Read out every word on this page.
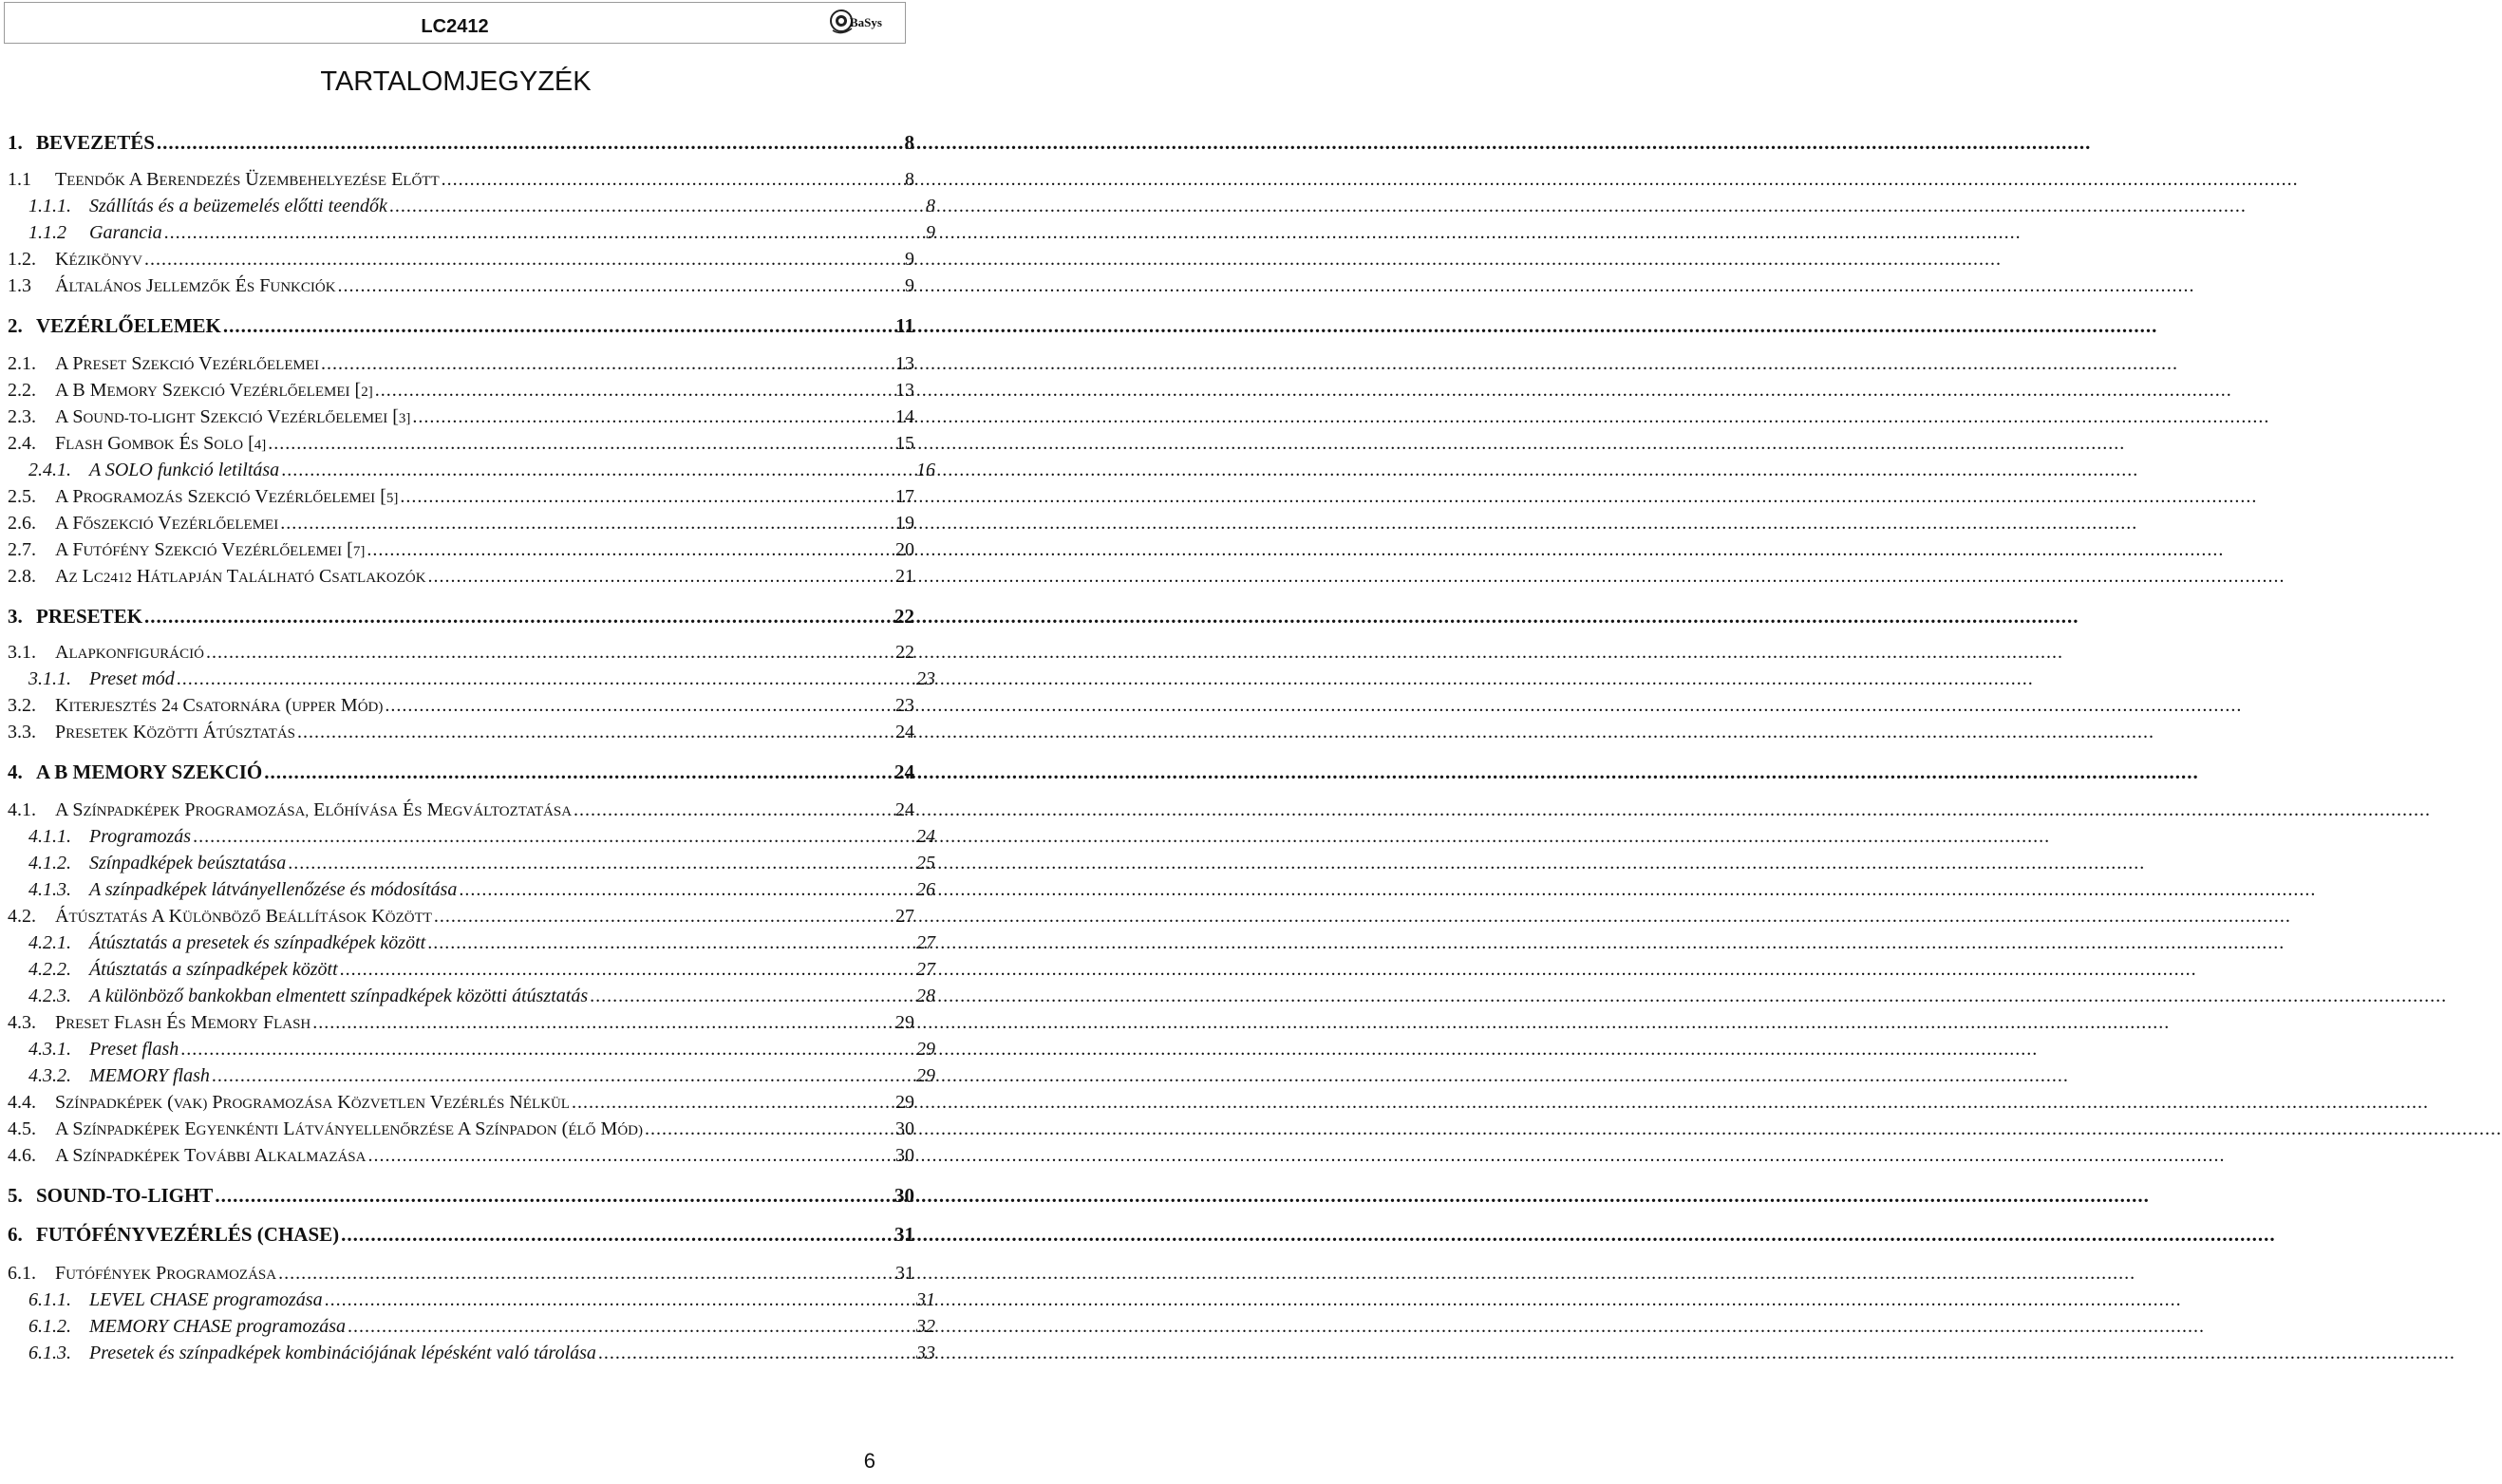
LC2412	BaSys
TARTALOMJEGYZÉK
1. BEVEZETÉS .....	8
1.1	TEENDŐK A BERENDEZÉS ÜZEMBEHELYEZÉSE ELŐTT .....	8
1.1.1. Szállítás és a beüzemelés előtti teendők .....	8
1.1.2	Garancia .....	9
1.2.	KÉZIKÖNYV .....	9
1.3	ÁLTALÁNOS JELLEMZŐK ÉS FUNKCIÓK .....	9
2. VEZÉRLŐELEMEK .....	11
2.1.	A PRESET SZEKCIÓ VEZÉRLŐELEMEI .....	13
2.2.	A B MEMORY SZEKCIÓ VEZÉRLŐELEMEI [2] .....	13
2.3.	A SOUND-TO-LIGHT SZEKCIÓ VEZÉRLŐELEMEI [3] .....	14
2.4.	FLASH GOMBOK ÉS SOLO [4] .....	15
2.4.1. A SOLO funkció letiltása .....	16
2.5.	A PROGRAMOZÁS SZEKCIÓ VEZÉRLŐELEMEI [5] .....	17
2.6.	A FŐSZEKCIÓ VEZÉRLŐELEMEI .....	19
2.7.	A FUTÓFÉNY SZEKCIÓ VEZÉRLŐELEMEI [7] .....	20
2.8.	AZ LC2412 HÁTLAPJÁN TALÁLHATÓ CSATLAKOZÓK .....	21
3. PRESETEK .....	22
3.1.	ALAPKONFIGURÁCIÓ .....	22
3.1.1. Preset mód .....	23
3.2.	KITERJESZTÉS 24 CSATORNÁRA (UPPER MÓD) .....	23
3.3.	PRESETEK KÖZÖTTI ÁTÚSZTATÁS .....	24
4. A B MEMORY SZEKCIÓ .....	24
4.1.	A SZÍNPADKÉPEK PROGRAMOZÁSA, ELŐHÍVÁSA ÉS MEGVÁLTOZTATÁSA .....	24
4.1.1. Programozás .....	24
4.1.2. Színpadképek beúsztatása .....	25
4.1.3. A színpadképek látványellenőzése és módosítása .....	26
4.2.	ÁTÚSZTATÁS A KÜLÖNBÖZŐ BEÁLLÍTÁSOK KÖZÖTT .....	27
4.2.1. Átúsztatás a presetek és színpadképek között .....	27
4.2.2. Átúsztatás a színpadképek között .....	27
4.2.3. A különböző bankokban elmentett színpadképek közötti átúsztatás .....	28
4.3.	PRESET FLASH ÉS MEMORY FLASH .....	29
4.3.1. Preset flash .....	29
4.3.2. MEMORY flash .....	29
4.4.	SZÍNPADKÉPEK (VAK) PROGRAMOZÁSA KÖZVETLEN VEZÉRLÉS NÉLKÜL .....	29
4.5.	A SZÍNPADKÉPEK EGYENKÉNTI LÁTVÁNYELLENŐRZÉSE A SZÍNPADON (ÉLŐ MÓD) .....	30
4.6.	A SZÍNPADKÉPEK TOVÁBBI ALKALMAZÁSA .....	30
5. SOUND-TO-LIGHT .....	30
6. FUTÓFÉNYVEZÉRLÉS (CHASE) .....	31
6.1.	FUTÓFÉNYEK PROGRAMOZÁSA .....	31
6.1.1. LEVEL CHASE programozása .....	31
6.1.2. MEMORY CHASE programozása .....	32
6.1.3. Presetek és színpadképek kombinációjának lépésként való tárolása .....	33
6
